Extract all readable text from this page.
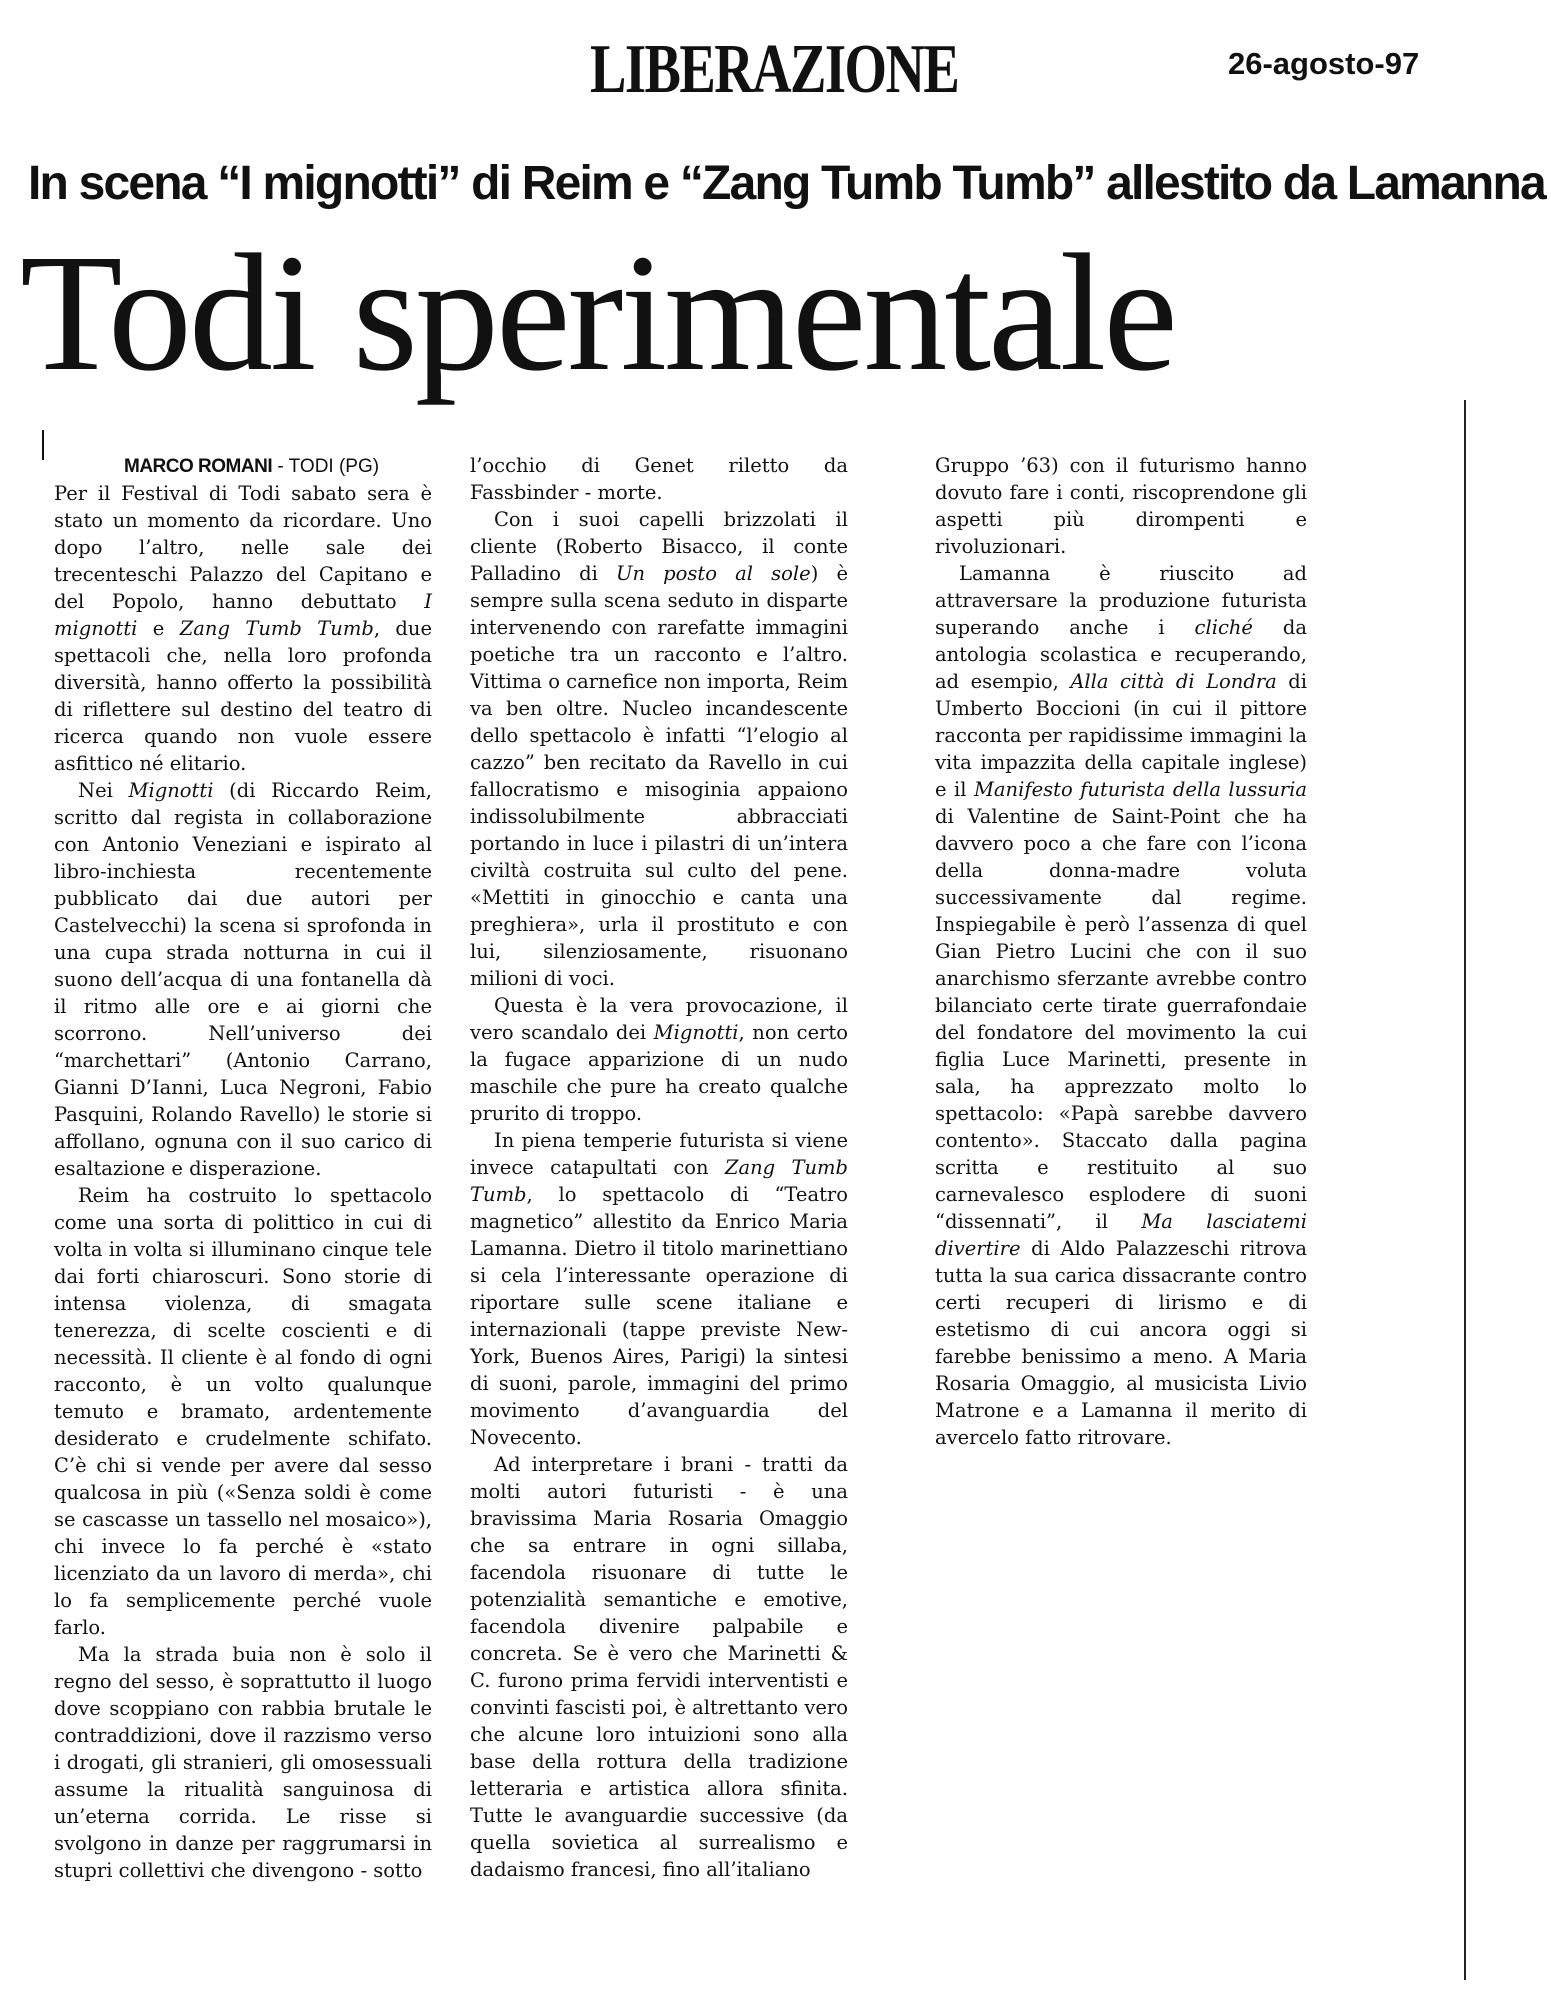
LIBERAZIONE	26-agosto-97
In scena “I mignotti” di Reim e “Zang Tumb Tumb” allestito da Lamanna
Todi sperimentale

MARCO ROMANI - TODI (PG)

Per il Festival di Todi sabato sera è stato un momento da ricordare. Uno dopo l’altro, nelle sale dei trecenteschi Palazzo del Capitano e del Popolo, hanno debuttato I mignotti e Zang Tumb Tumb, due spettacoli che, nella loro profonda diversità, hanno offerto la possibilità di riflettere sul destino del teatro di ricerca quando non vuole essere asfittico né elitario.

Nei Mignotti (di Riccardo Reim, scritto dal regista in collaborazione con Antonio Veneziani e ispirato al libro-inchiesta recentemente pubblicato dai due autori per Castelvecchi) la scena si sprofonda in una cupa strada notturna in cui il suono dell’acqua di una fontanella dà il ritmo alle ore e ai giorni che scorrono. Nell’universo dei “marchettari” (Antonio Carrano, Gianni D’Ianni, Luca Negroni, Fabio Pasquini, Rolando Ravello) le storie si affollano, ognuna con il suo carico di esaltazione e disperazione.

Reim ha costruito lo spettacolo come una sorta di polittico in cui di volta in volta si illuminano cinque tele dai forti chiaroscuri. Sono storie di intensa violenza, di smagata tenerezza, di scelte coscienti e di necessità. Il cliente è al fondo di ogni racconto, è un volto qualunque temuto e bramato, ardentemente desiderato e crudelmente schifato. C’è chi si vende per avere dal sesso qualcosa in più («Senza soldi è come se cascasse un tassello nel mosaico»), chi invece lo fa perché è «stato licenziato da un lavoro di merda», chi lo fa semplicemente perché vuole farlo.

Ma la strada buia non è solo il regno del sesso, è soprattutto il luogo dove scoppiano con rabbia brutale le contraddizioni, dove il razzismo verso i drogati, gli stranieri, gli omosessuali assume la ritualità sanguinosa di un’eterna corrida. Le risse si svolgono in danze per raggrumarsi in stupri collettivi che divengono - sotto

l’occhio di Genet riletto da Fassbinder - morte.

Con i suoi capelli brizzolati il cliente (Roberto Bisacco, il conte Palladino di Un posto al sole) è sempre sulla scena seduto in disparte intervenendo con rarefatte immagini poetiche tra un racconto e l’altro. Vittima o carnefice non importa, Reim va ben oltre. Nucleo incandescente dello spettacolo è infatti “l’elogio al cazzo” ben recitato da Ravello in cui fallocratismo e misoginia appaiono indissolubilmente abbracciati portando in luce i pilastri di un’intera civiltà costruita sul culto del pene. «Mettiti in ginocchio e canta una preghiera», urla il prostituto e con lui, silenziosamente, risuonano milioni di voci.

Questa è la vera provocazione, il vero scandalo dei Mignotti, non certo la fugace apparizione di un nudo maschile che pure ha creato qualche prurito di troppo.

In piena temperie futurista si viene invece catapultati con Zang Tumb Tumb, lo spettacolo di “Teatro magnetico” allestito da Enrico Maria Lamanna. Dietro il titolo marinettiano si cela l’interessante operazione di riportare sulle scene italiane e internazionali (tappe previste New-York, Buenos Aires, Parigi) la sintesi di suoni, parole, immagini del primo movimento d’avanguardia del Novecento.

Ad interpretare i brani - tratti da molti autori futuristi - è una bravissima Maria Rosaria Omaggio che sa entrare in ogni sillaba, facendola risuonare di tutte le potenzialità semantiche e emotive, facendola divenire palpabile e concreta. Se è vero che Marinetti & C. furono prima fervidi interventisti e convinti fascisti poi, è altrettanto vero che alcune loro intuizioni sono alla base della rottura della tradizione letteraria e artistica allora sfinita. Tutte le avanguardie successive (da quella sovietica al surrealismo e dadaismo francesi, fino all’italiano

Gruppo ’63) con il futurismo hanno dovuto fare i conti, riscoprendone gli aspetti più dirompenti e rivoluzionari.

Lamanna è riuscito ad attraversare la produzione futurista superando anche i cliché da antologia scolastica e recuperando, ad esempio, Alla città di Londra di Umberto Boccioni (in cui il pittore racconta per rapidissime immagini la vita impazzita della capitale inglese) e il Manifesto futurista della lussuria di Valentine de Saint-Point che ha davvero poco a che fare con l’icona della donna-madre voluta successivamente dal regime. Inspiegabile è però l’assenza di quel Gian Pietro Lucini che con il suo anarchismo sferzante avrebbe contro bilanciato certe tirate guerrafondaie del fondatore del movimento la cui figlia Luce Marinetti, presente in sala, ha apprezzato molto lo spettacolo: «Papà sarebbe davvero contento». Staccato dalla pagina scritta e restituito al suo carnevalesco esplodere di suoni “dissennati”, il Ma lasciatemi divertire di Aldo Palazzeschi ritrova tutta la sua carica dissacrante contro certi recuperi di lirismo e di estetismo di cui ancora oggi si farebbe benissimo a meno. A Maria Rosaria Omaggio, al musicista Livio Matrone e a Lamanna il merito di avercelo fatto ritrovare.
